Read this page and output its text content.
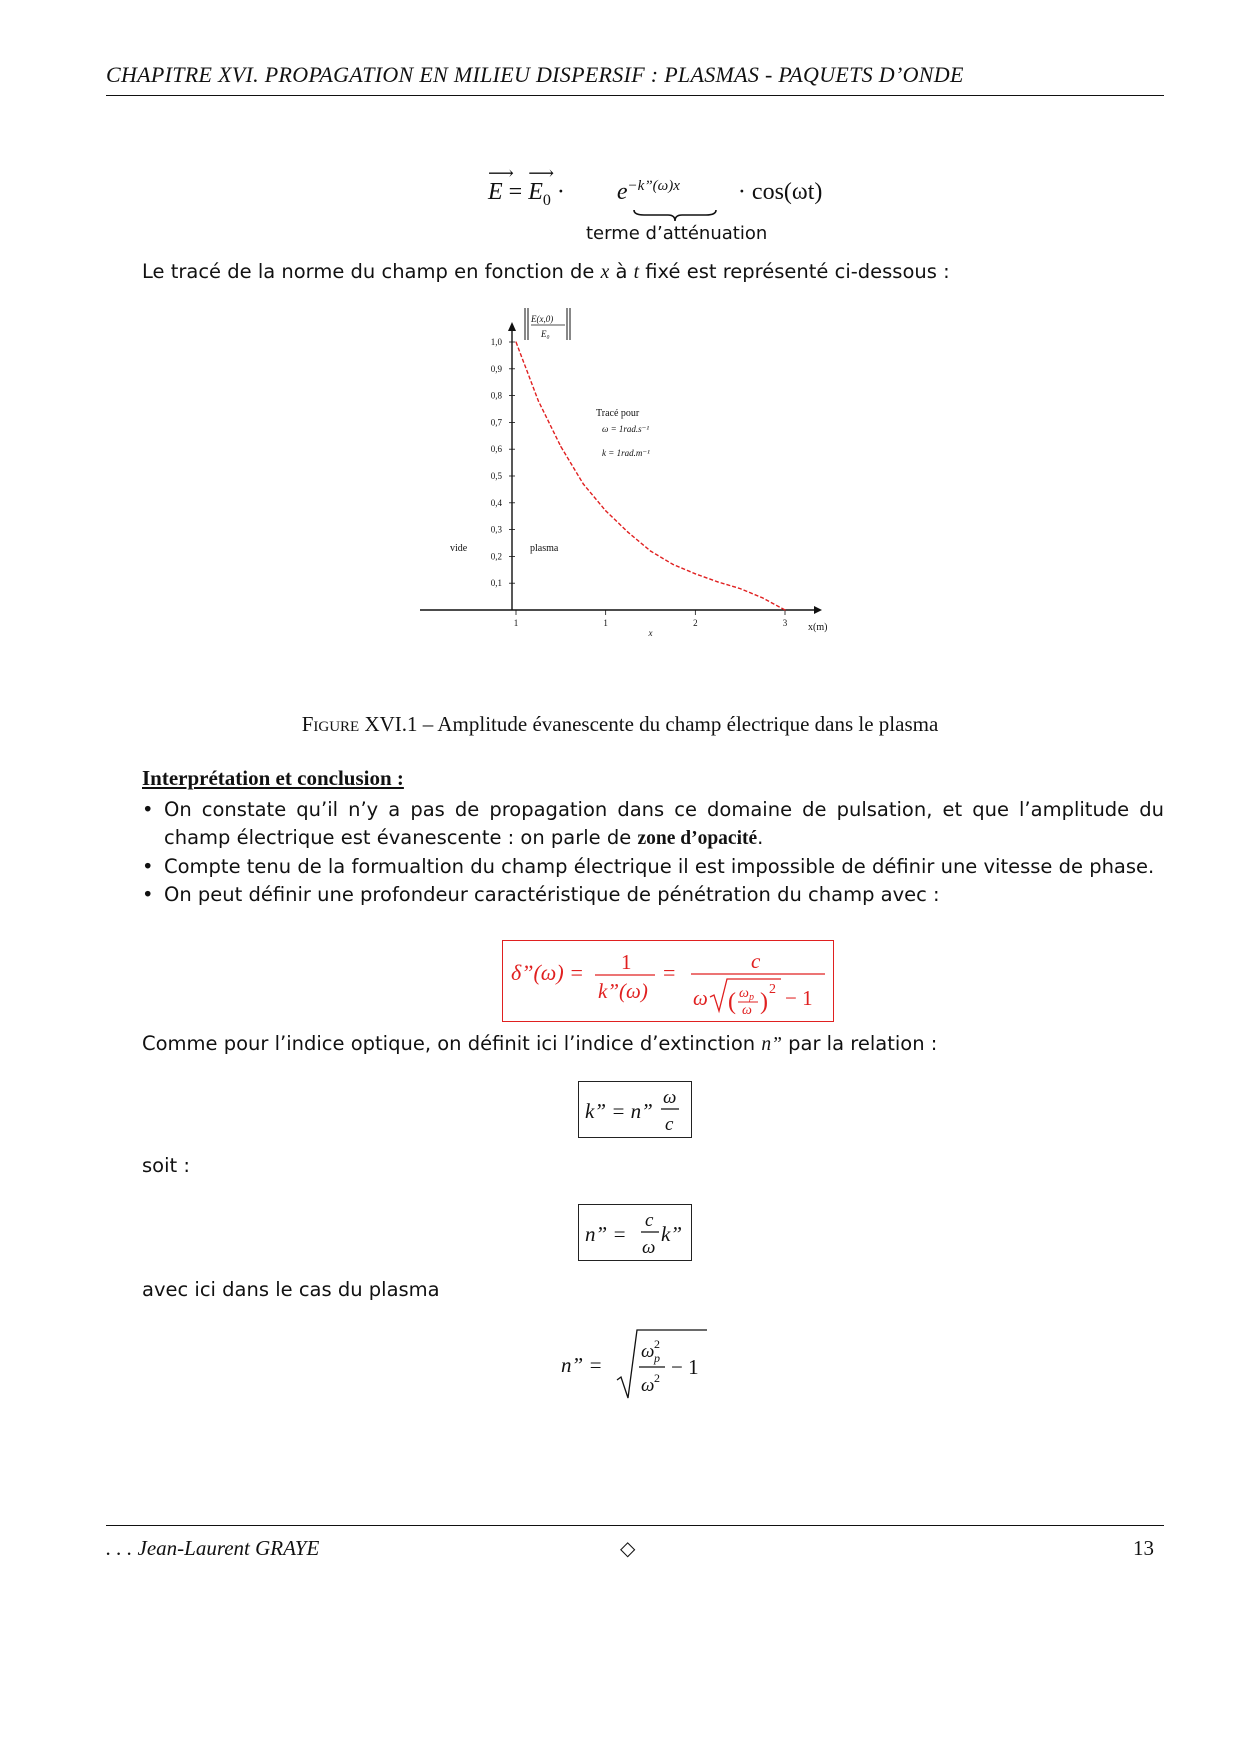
CHAPITRE XVI. PROPAGATION EN MILIEU DISPERSIF : PLASMAS - PAQUETS D’ONDE
⟶
E =
⟶
$E_0 \cdot e^{-k”(\omega)x} \cdot \cos(\omega t)$
terme d’atténuation
Le tracé de la norme du champ en fonction de x à t fixé est représenté ci-dessous :
0,1
0,2
0,3
0,4
0,5
0,6
0,7
0,8
0,9
1,0
1	1	2	3
x	x(m)
E(x,0)
E₀
vide	plasma
Tracé pour
ω = 1rad.s⁻¹
k = 1rad.m⁻¹
Figure XVI.1 – Amplitude évanescente du champ électrique dans le plasma
Interprétation et conclusion :
• On constate qu’il n’y a pas de propagation dans ce domaine de pulsation, et que l’amplitude du champ électrique est évanescente : on parle de zone d’opacité.
• Compte tenu de la formualtion du champ électrique il est impossible de définir une vitesse de phase.
• On peut définir une profondeur caractéristique de pénétration du champ avec :
δ”(ω) = 1
k”(ω)
=	c
ω ( ω p
ω ) 2 − 1
Comme pour l’indice optique, on définit ici l’indice d’extinction n” par la relation :
k” = n”
ω
c
soit :
n” =
c
ω
k”
avec ici dans le cas du plasma
n” =
ω 2
p
ω 2 − 1
. . . Jean-Laurent GRAYE	◇	13
